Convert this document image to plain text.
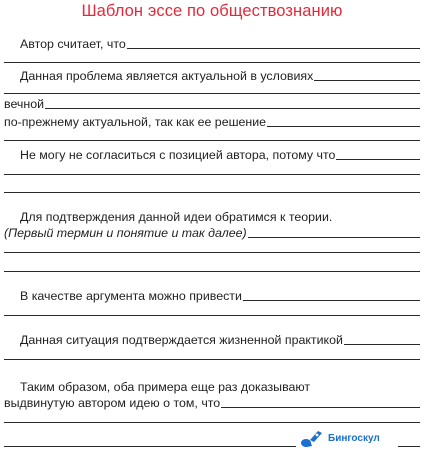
Шаблон эссе по обществознанию
Автор считает, что
Данная проблема является актуальной в условиях
вечной
по-прежнему актуальной, так как ее решение
Не могу не согласиться с позицией автора, потому что
Для подтверждения данной идеи обратимся к теории.
(Первый термин и понятие и так далее)
В качестве аргумента можно привести
Данная ситуация подтверждается жизненной практикой
Таким образом, оба примера еще раз доказывают
выдвинутую автором идею о том, что
Бингоскул
